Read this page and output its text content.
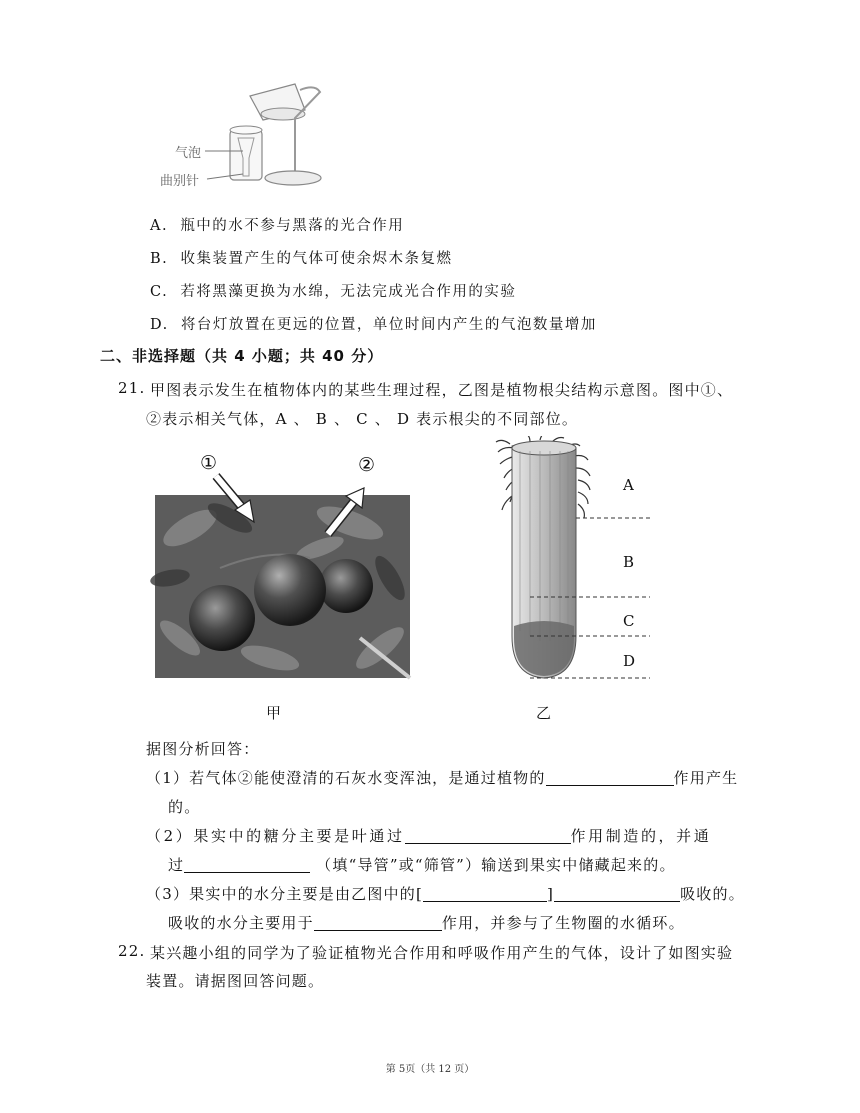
气泡
曲别针
A. 瓶中的水不参与黑落的光合作用
B. 收集装置产生的气体可使余烬木条复燃
C. 若将黑藻更换为水绵，无法完成光合作用的实验
D. 将台灯放置在更远的位置，单位时间内产生的气泡数量增加
二、非选择题（共 4 小题；共 40 分）
21. 甲图表示发生在植物体内的某些生理过程，乙图是植物根尖结构示意图。图中①、
②表示相关气体，A 、 B 、 C 、 D 表示根尖的不同部位。
①	②
甲
A
B
C
D
乙
据图分析回答：
（1）若气体②能使澄清的石灰水变浑浊，是通过植物的	作用产生
的。
（2）果实中的糖分主要是叶通过	作用制造的，并通
过	（填“导管”或“筛管”）输送到果实中储藏起来的。
（3）果实中的水分主要是由乙图中的[	]	吸收的。
吸收的水分主要用于	作用，并参与了生物圈的水循环。
22. 某兴趣小组的同学为了验证植物光合作用和呼吸作用产生的气体，设计了如图实验
装置。请据图回答问题。
第 5页（共 12 页）
